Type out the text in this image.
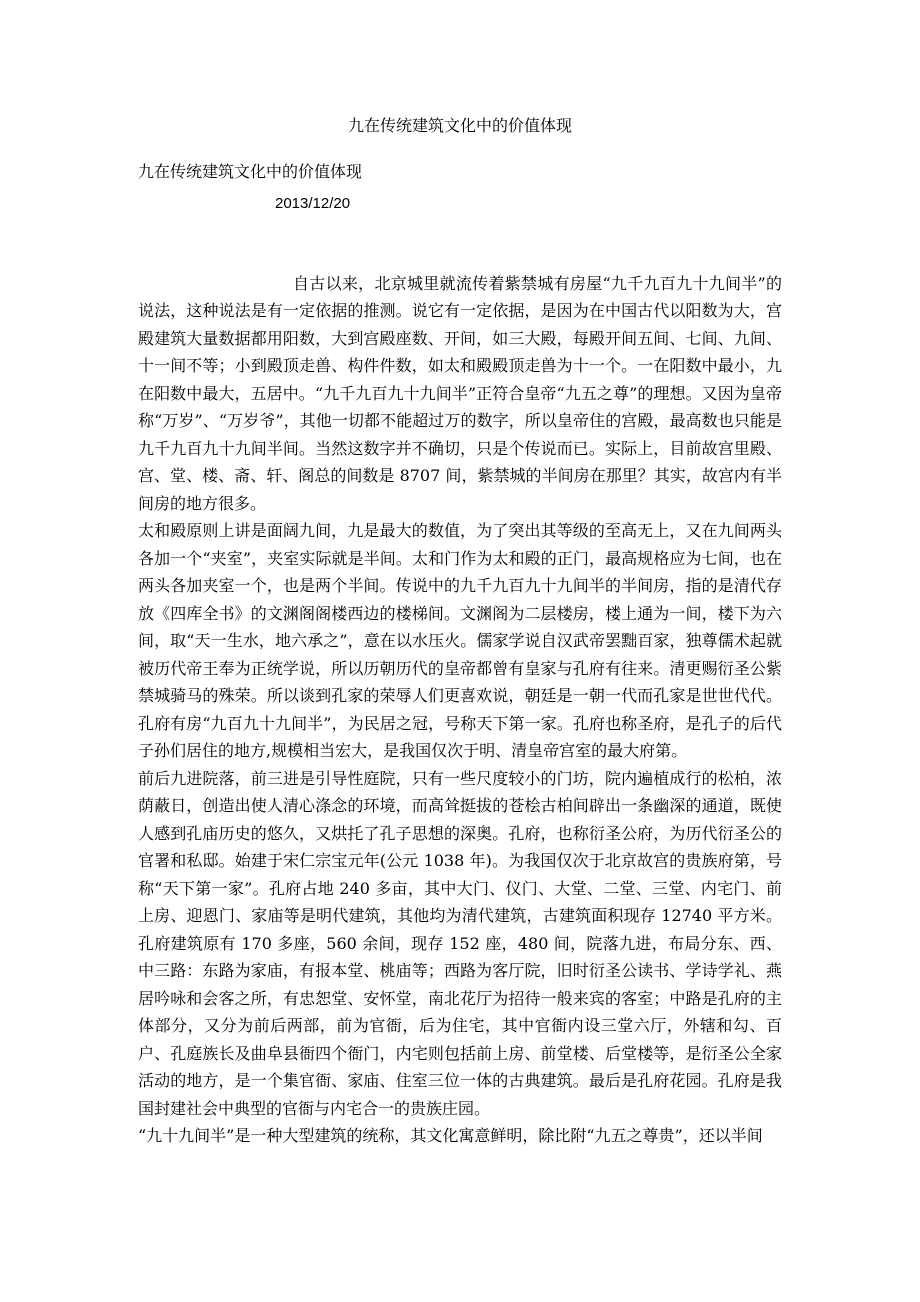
九在传统建筑文化中的价值体现
九在传统建筑文化中的价值体现
2013/12/20

自古以来，北京城里就流传着紫禁城有房屋“九千九百九十九间半”的说法，这种说法是有一定依据的推测。说它有一定依据，是因为在中国古代以阳数为大，宫殿建筑大量数据都用阳数，大到宫殿座数、开间，如三大殿，每殿开间五间、七间、九间、十一间不等；小到殿顶走兽、构件件数，如太和殿殿顶走兽为十一个。一在阳数中最小，九在阳数中最大，五居中。“九千九百九十九间半”正符合皇帝“九五之尊”的理想。又因为皇帝称“万岁”、“万岁爷”，其他一切都不能超过万的数字，所以皇帝住的宫殿，最高数也只能是九千九百九十九间半间。当然这数字并不确切，只是个传说而已。实际上，目前故宫里殿、宫、堂、楼、斋、轩、阁总的间数是 8707 间，紫禁城的半间房在那里？其实，故宫内有半间房的地方很多。

太和殿原则上讲是面阔九间，九是最大的数值，为了突出其等级的至高无上，又在九间两头各加一个“夹室”，夹室实际就是半间。太和门作为太和殿的正门，最高规格应为七间，也在两头各加夹室一个，也是两个半间。传说中的九千九百九十九间半的半间房，指的是清代存放《四库全书》的文渊阁阁楼西边的楼梯间。文渊阁为二层楼房，楼上通为一间，楼下为六间，取“天一生水，地六承之”，意在以水压火。儒家学说自汉武帝罢黜百家，独尊儒术起就被历代帝王奉为正统学说，所以历朝历代的皇帝都曾有皇家与孔府有往来。清更赐衍圣公紫禁城骑马的殊荣。所以谈到孔家的荣辱人们更喜欢说，朝廷是一朝一代而孔家是世世代代。孔府有房“九百九十九间半”，为民居之冠，号称天下第一家。孔府也称圣府，是孔子的后代子孙们居住的地方,规模相当宏大，是我国仅次于明、清皇帝宫室的最大府第。

前后九进院落，前三进是引导性庭院，只有一些尺度较小的门坊，院内遍植成行的松柏，浓荫蔽日，创造出使人清心涤念的环境，而高耸挺拔的苍桧古柏间辟出一条幽深的通道，既使人感到孔庙历史的悠久，又烘托了孔子思想的深奥。孔府，也称衍圣公府，为历代衍圣公的官署和私邸。始建于宋仁宗宝元年(公元 1038 年)。为我国仅次于北京故宫的贵族府第，号称“天下第一家”。孔府占地 240 多亩，其中大门、仪门、大堂、二堂、三堂、内宅门、前上房、迎恩门、家庙等是明代建筑，其他均为清代建筑，古建筑面积现存 12740 平方米。孔府建筑原有 170 多座，560 余间，现存 152 座，480 间，院落九进，布局分东、西、中三路：东路为家庙，有报本堂、桃庙等；西路为客厅院，旧时衍圣公读书、学诗学礼、燕居吟咏和会客之所，有忠恕堂、安怀堂，南北花厅为招待一般来宾的客室；中路是孔府的主体部分，又分为前后两部，前为官衙，后为住宅，其中官衙内设三堂六厅，外辖和勾、百户、孔庭族长及曲阜县衙四个衙门，内宅则包括前上房、前堂楼、后堂楼等，是衍圣公全家活动的地方，是一个集官衙、家庙、住室三位一体的古典建筑。最后是孔府花园。孔府是我国封建社会中典型的官衙与内宅合一的贵族庄园。

“九十九间半”是一种大型建筑的统称，其文化寓意鲜明，除比附“九五之尊贵”，还以半间
